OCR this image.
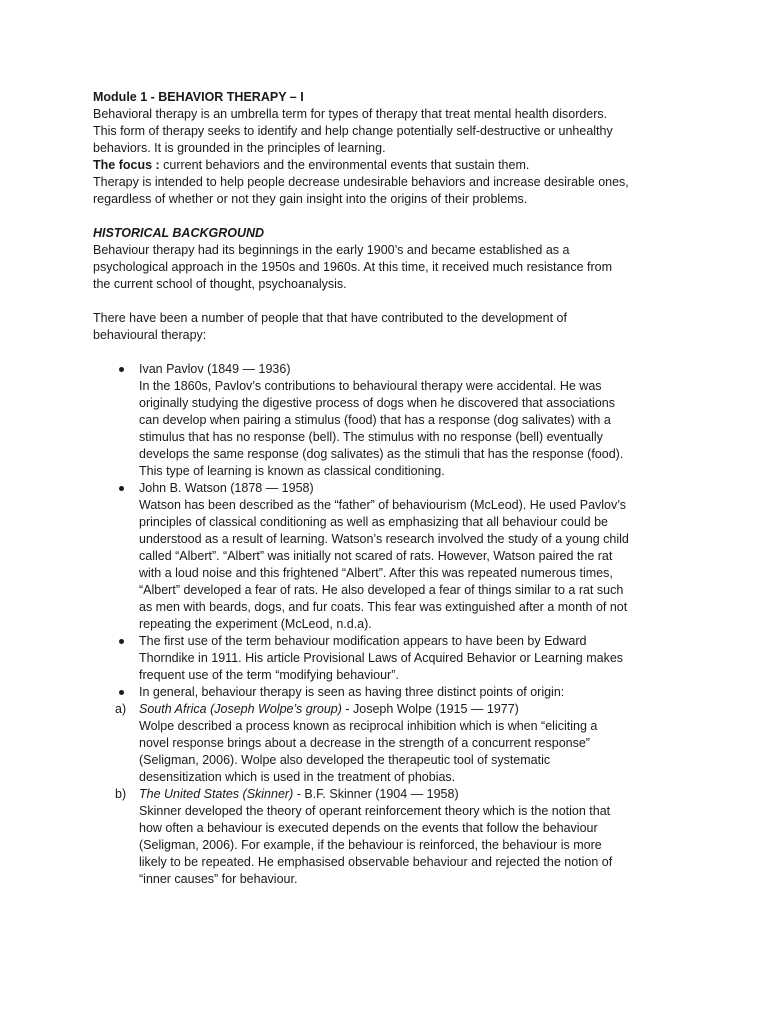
Module 1 - BEHAVIOR THERAPY – I

Behavioral therapy is an umbrella term for types of therapy that treat mental health disorders.

This form of therapy seeks to identify and help change potentially self-destructive or unhealthy

behaviors. It is grounded in the principles of learning.

The focus : current behaviors and the environmental events that sustain them.

Therapy is intended to help people decrease undesirable behaviors and increase desirable ones,

regardless of whether or not they gain insight into the origins of their problems.

HISTORICAL BACKGROUND

Behaviour therapy had its beginnings in the early 1900’s and became established as a

psychological approach in the 1950s and 1960s. At this time, it received much resistance from

the current school of thought, psychoanalysis.

There have been a number of people that that have contributed to the development of

behavioural therapy:

Ivan Pavlov (1849 — 1936)

In the 1860s, Pavlov’s contributions to behavioural therapy were accidental. He was

originally studying the digestive process of dogs when he discovered that associations

can develop when pairing a stimulus (food) that has a response (dog salivates) with a

stimulus that has no response (bell). The stimulus with no response (bell) eventually

develops the same response (dog salivates) as the stimuli that has the response (food).

This type of learning is known as classical conditioning.

John B. Watson (1878 — 1958)

Watson has been described as the “father” of behaviourism (McLeod). He used Pavlov’s

principles of classical conditioning as well as emphasizing that all behaviour could be

understood as a result of learning. Watson’s research involved the study of a young child

called “Albert”. “Albert” was initially not scared of rats. However, Watson paired the rat

with a loud noise and this frightened “Albert”. After this was repeated numerous times,

“Albert” developed a fear of rats. He also developed a fear of things similar to a rat such

as men with beards, dogs, and fur coats. This fear was extinguished after a month of not

repeating the experiment (McLeod, n.d.a).

The first use of the term behaviour modification appears to have been by Edward

Thorndike in 1911. His article Provisional Laws of Acquired Behavior or Learning makes

frequent use of the term “modifying behaviour”.

In general, behaviour therapy is seen as having three distinct points of origin:

a) South Africa (Joseph Wolpe’s group) - Joseph Wolpe (1915 — 1977)

Wolpe described a process known as reciprocal inhibition which is when “eliciting a

novel response brings about a decrease in the strength of a concurrent response”

(Seligman, 2006). Wolpe also developed the therapeutic tool of systematic

desensitization which is used in the treatment of phobias.

b) The United States (Skinner) - B.F. Skinner (1904 — 1958)

Skinner developed the theory of operant reinforcement theory which is the notion that

how often a behaviour is executed depends on the events that follow the behaviour

(Seligman, 2006). For example, if the behaviour is reinforced, the behaviour is more

likely to be repeated. He emphasised observable behaviour and rejected the notion of

“inner causes” for behaviour.
